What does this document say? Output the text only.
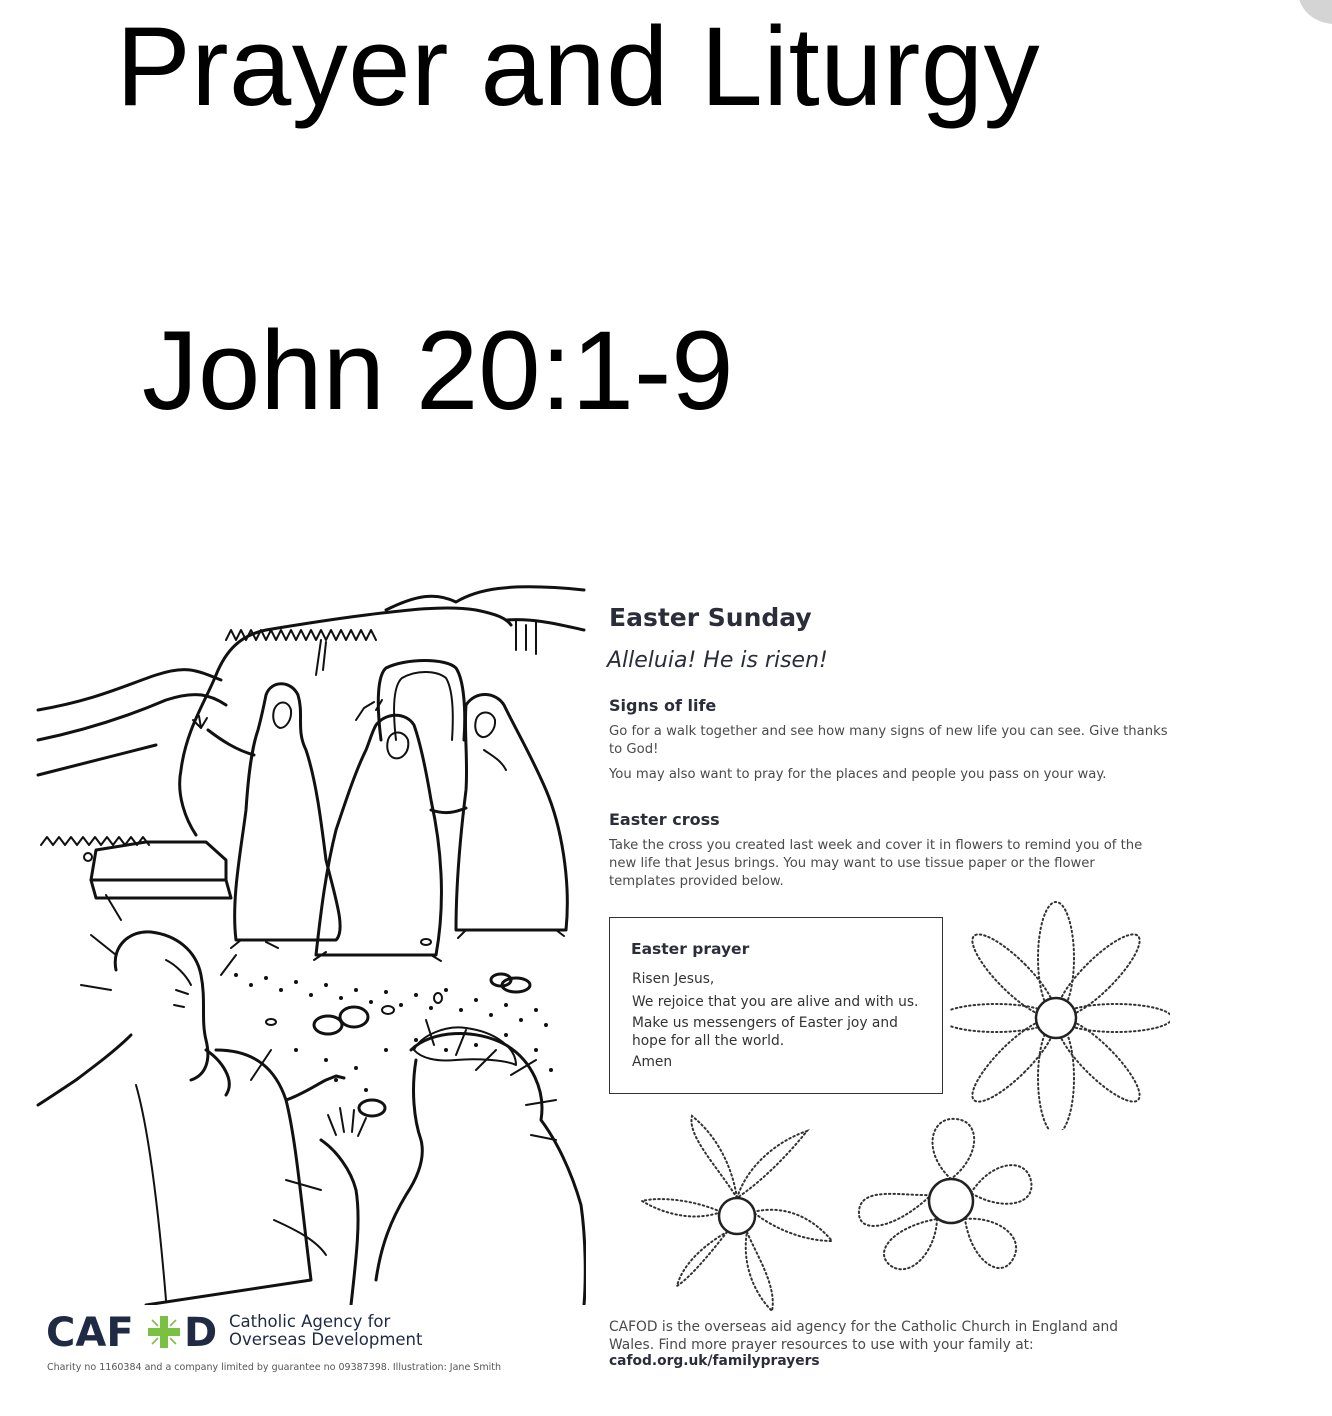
Prayer and Liturgy
John 20:1-9
Easter Sunday
Alleluia! He is risen!
Signs of life
Go for a walk together and see how many signs of new life you can see. Give thanks to God!
You may also want to pray for the places and people you pass on your way.
Easter cross
Take the cross you created last week and cover it in flowers to remind you of the new life that Jesus brings. You may want to use tissue paper or the flower templates provided below.
Easter prayer
Risen Jesus,
We rejoice that you are alive and with us.
Make us messengers of Easter joy and hope for all the world.
Amen
CAF D Catholic Agency for Overseas Development
Charity no 1160384 and a company limited by guarantee no 09387398. Illustration: Jane Smith
CAFOD is the overseas aid agency for the Catholic Church in England and Wales. Find more prayer resources to use with your family at:
cafod.org.uk/familyprayers
